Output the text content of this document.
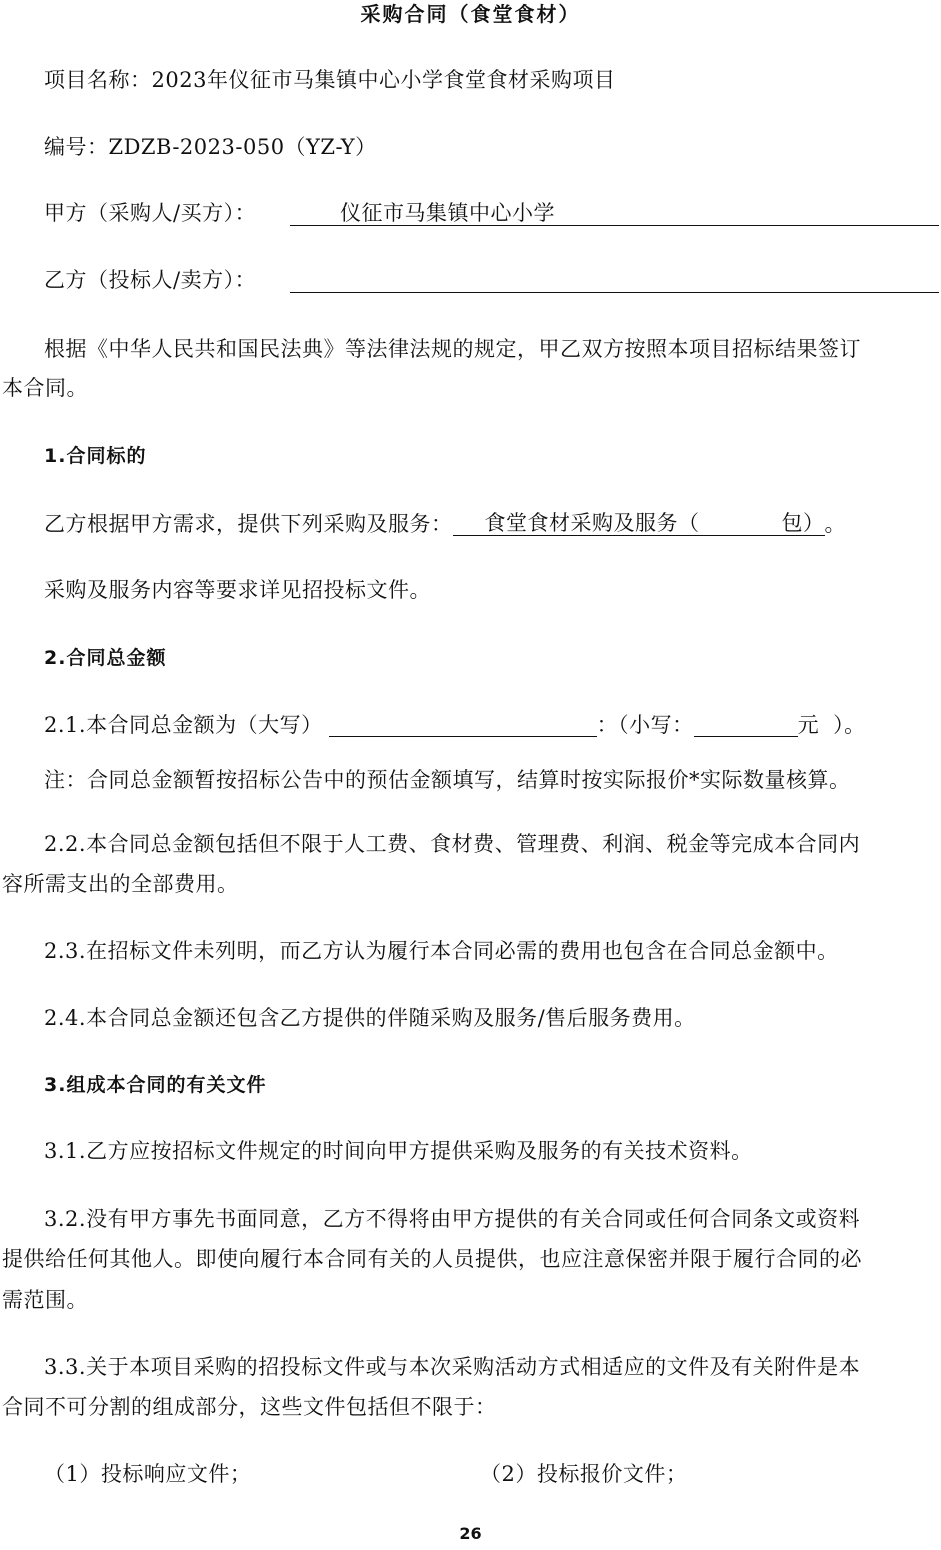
采购合同（食堂食材）
项目名称：2023年仪征市马集镇中心小学食堂食材采购项目
编号：ZDZB-2023-050（YZ-Y）
甲方（采购人/买方）：	仪征市马集镇中心小学
乙方（投标人/卖方）：
根据《中华人民共和国民法典》等法律法规的规定，甲乙双方按照本项目招标结果签订
本合同。
1.合同标的
乙方根据甲方需求，提供下列采购及服务： 食堂食材采购及服务（	包）。
采购及服务内容等要求详见招投标文件。
2.合同总金额
2.1.本合同总金额为（大写）	：（小写：	元 ）。
注：合同总金额暂按招标公告中的预估金额填写，结算时按实际报价*实际数量核算。
2.2.本合同总金额包括但不限于人工费、食材费、管理费、利润、税金等完成本合同内
容所需支出的全部费用。
2.3.在招标文件未列明，而乙方认为履行本合同必需的费用也包含在合同总金额中。
2.4.本合同总金额还包含乙方提供的伴随采购及服务/售后服务费用。
3.组成本合同的有关文件
3.1.乙方应按招标文件规定的时间向甲方提供采购及服务的有关技术资料。
3.2.没有甲方事先书面同意，乙方不得将由甲方提供的有关合同或任何合同条文或资料
提供给任何其他人。即使向履行本合同有关的人员提供，也应注意保密并限于履行合同的必
需范围。
3.3.关于本项目采购的招投标文件或与本次采购活动方式相适应的文件及有关附件是本
合同不可分割的组成部分，这些文件包括但不限于：
（1）投标响应文件；	（2）投标报价文件；
26
